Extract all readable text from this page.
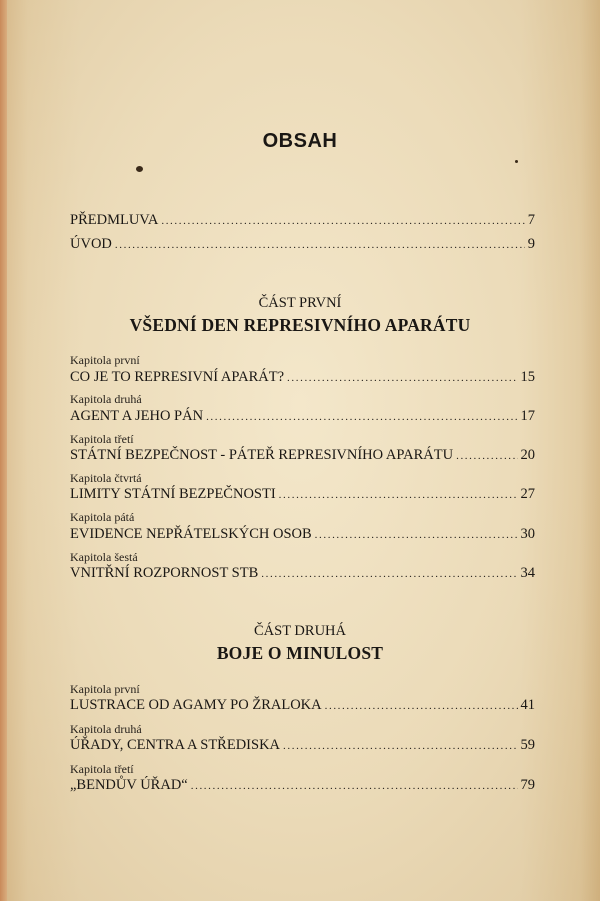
OBSAH
PŘEDMLUVA .....	7
ÚVOD .....	9
ČÁST PRVNÍ
VŠEDNÍ DEN REPRESIVNÍHO APARÁTU
Kapitola první
CO JE TO REPRESIVNÍ APARÁT? .....	15
Kapitola druhá
AGENT A JEHO PÁN .....	17
Kapitola třetí
STÁTNÍ BEZPEČNOST - PÁTEŘ REPRESIVNÍHO APARÁTU .....	20
Kapitola čtvrtá
LIMITY STÁTNÍ BEZPEČNOSTI .....	27
Kapitola pátá
EVIDENCE NEPŘÁTELSKÝCH OSOB .....	30
Kapitola šestá
VNITŘNÍ ROZPORNOST STB .....	34
ČÁST DRUHÁ
BOJE O MINULOST
Kapitola první
LUSTRACE OD AGAMY PO ŽRALOKA .....	41
Kapitola druhá
ÚŘADY, CENTRA A STŘEDISKA .....	59
Kapitola třetí
„BENDŮV ÚŘAD“ .....	79
